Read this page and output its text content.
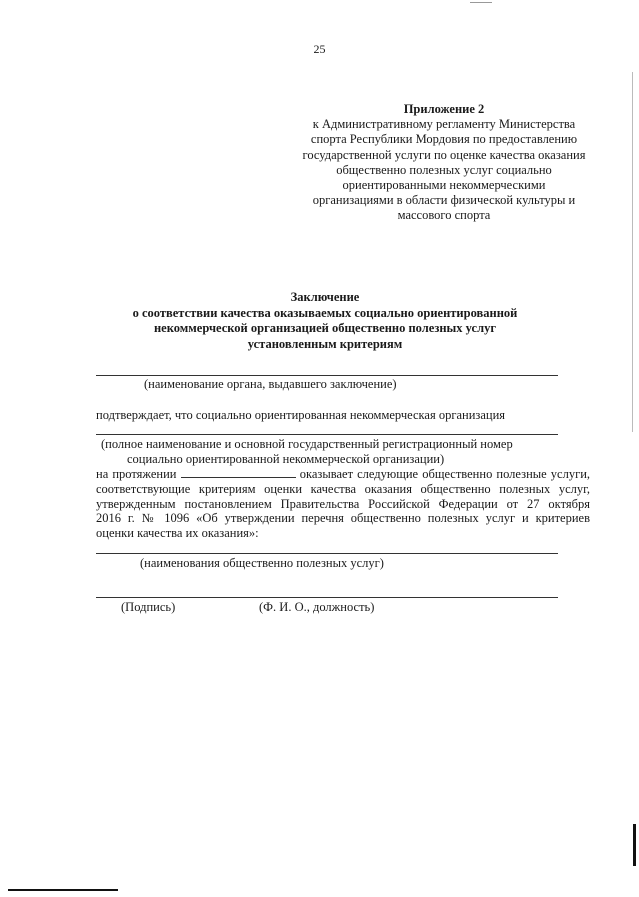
25
Приложение 2
к Административному регламенту Министерства
спорта Республики Мордовия по предоставлению
государственной услуги по оценке качества оказания
общественно полезных услуг социально
ориентированными некоммерческими
организациями в области физической культуры и
массового спорта
Заключение
о соответствии качества оказываемых социально ориентированной
некоммерческой организацией общественно полезных услуг
установленным критериям
(наименование органа, выдавшего заключение)
подтверждает, что социально ориентированная некоммерческая организация
(полное наименование и основной государственный регистрационный номер
социально ориентированной некоммерческой организации)
на протяжении	оказывает следующие общественно полезные услуги,
соответствующие критериям оценки качества оказания общественно полезных услуг,
утвержденным постановлением Правительства Российской Федерации от 27 октября
2016 г. № 1096 «Об утверждении перечня общественно полезных услуг и критериев
оценки качества их оказания»:
(наименования общественно полезных услуг)
(Подпись)	(Ф. И. О., должность)
